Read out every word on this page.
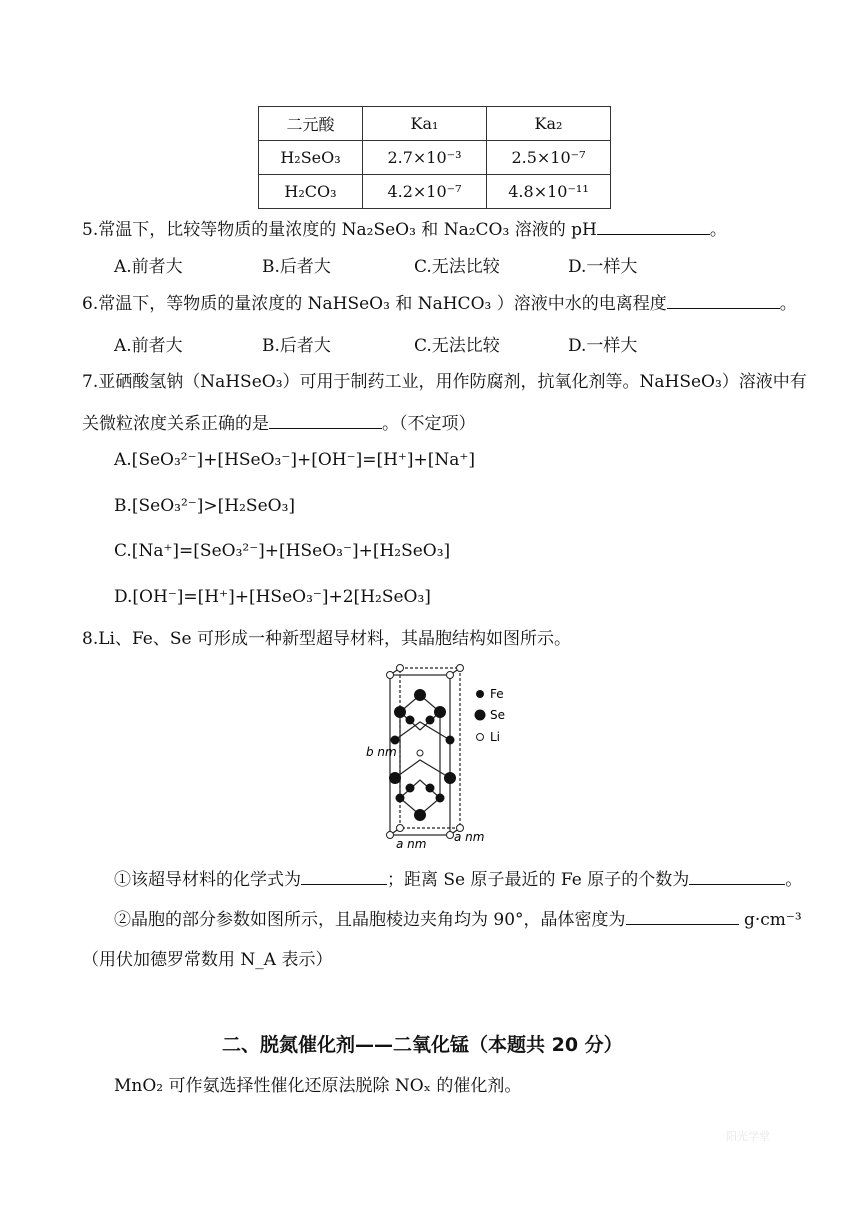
二元酸	Ka₁	Ka₂
H₂SeO₃	2.7×10⁻³	2.5×10⁻⁷
H₂CO₃	4.2×10⁻⁷	4.8×10⁻¹¹
5.常温下，比较等物质的量浓度的 Na₂SeO₃ 和 Na₂CO₃ 溶液的 pH	。
A.前者大	B.后者大	C.无法比较	D.一样大
6.常温下，等物质的量浓度的 NaHSeO₃ 和 NaHCO₃ ）溶液中水的电离程度	。
A.前者大	B.后者大	C.无法比较	D.一样大
7.亚硒酸氢钠（NaHSeO₃）可用于制药工业，用作防腐剂，抗氧化剂等。NaHSeO₃）溶液中有
关微粒浓度关系正确的是	。（不定项）
A.[SeO₃²⁻]+[HSeO₃⁻]+[OH⁻]=[H⁺]+[Na⁺]
B.[SeO₃²⁻]>[H₂SeO₃]
C.[Na⁺]=[SeO₃²⁻]+[HSeO₃⁻]+[H₂SeO₃]
D.[OH⁻]=[H⁺]+[HSeO₃⁻]+2[H₂SeO₃]
8.Li、Fe、Se 可形成一种新型超导材料，其晶胞结构如图所示。
Fe
Se
Li
b nm
a nm a nm
①该超导材料的化学式为	；距离 Se 原子最近的 Fe 原子的个数为	。
②晶胞的部分参数如图所示，且晶胞棱边夹角均为 90°，晶体密度为	g·cm⁻³
（用伏加德罗常数用 N_A 表示）
二、脱氮催化剂——二氧化锰（本题共 20 分）
MnO₂ 可作氨选择性催化还原法脱除 NOₓ 的催化剂。
阳光学堂
